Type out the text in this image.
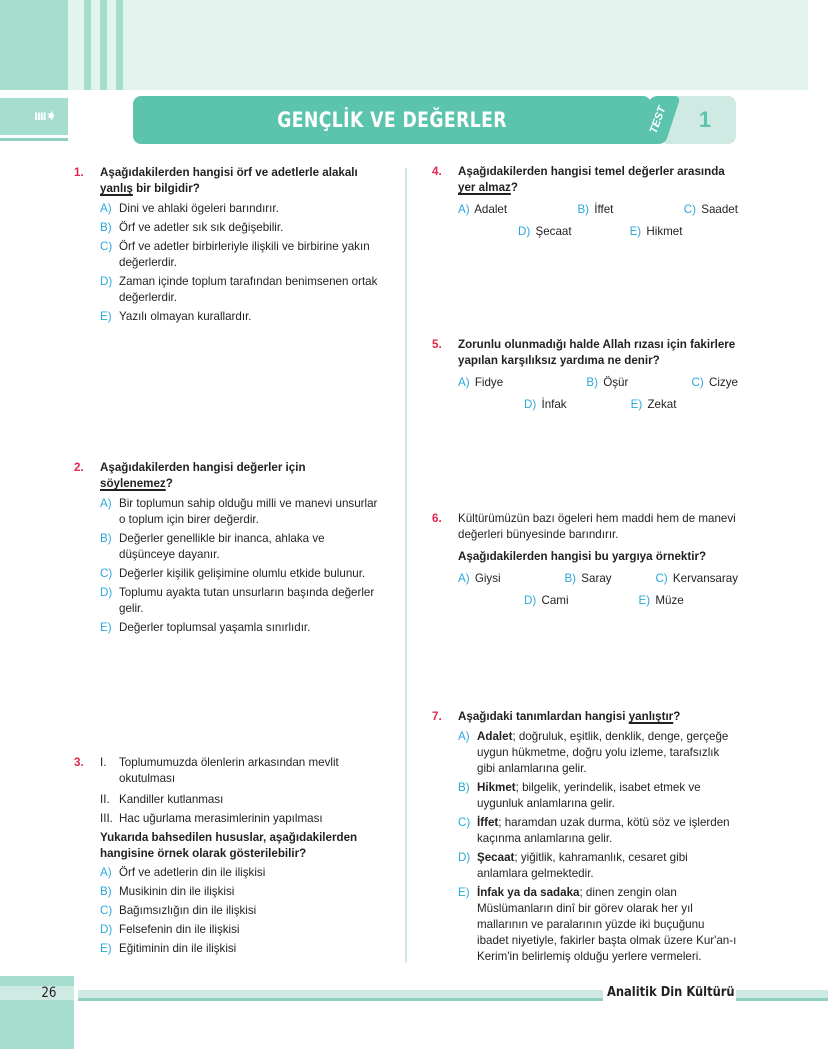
ıııı➧	GENÇLİK VE DEĞERLER	1
TEST
1. Aşağıdakilerden hangisi örf ve adetlerle alakalı yanlış bir bilgidir?
A) Dini ve ahlaki ögeleri barındırır.
B) Örf ve adetler sık sık değişebilir.
C) Örf ve adetler birbirleriyle ilişkili ve birbirine yakın değerlerdir.
D) Zaman içinde toplum tarafından benimsenen ortak değerlerdir.
E) Yazılı olmayan kurallardır.
2. Aşağıdakilerden hangisi değerler için söylenemez?
A) Bir toplumun sahip olduğu milli ve manevi unsurlar o toplum için birer değerdir.
B) Değerler genellikle bir inanca, ahlaka ve düşünceye dayanır.
C) Değerler kişilik gelişimine olumlu etkide bulunur.
D) Toplumu ayakta tutan unsurların başında değerler gelir.
E) Değerler toplumsal yaşamla sınırlıdır.
3. I.	Toplumumuzda ölenlerin arkasından mevlit okutulması
II. Kandiller kutlanması
III. Hac uğurlama merasimlerinin yapılması
Yukarıda bahsedilen hususlar, aşağıdakilerden hangisine örnek olarak gösterilebilir?
A) Örf ve adetlerin din ile ilişkisi
B) Musikinin din ile ilişkisi
C) Bağımsızlığın din ile ilişkisi
D) Felsefenin din ile ilişkisi
E) Eğitiminin din ile ilişkisi
4. Aşağıdakilerden hangisi temel değerler arasında yer almaz?
A) Adalet	B) İffet	C) Saadet
D) Şecaat	E) Hikmet
5. Zorunlu olunmadığı halde Allah rızası için fakirlere yapılan karşılıksız yardıma ne denir?
A) Fidye	B) Öşür	C) Cizye
D) İnfak	E) Zekat
6. Kültürümüzün bazı ögeleri hem maddi hem de manevi değerleri bünyesinde barındırır.
Aşağıdakilerden hangisi bu yargıya örnektir?
A) Giysi	B) Saray	C) Kervansaray
D) Cami	E) Müze
7. Aşağıdaki tanımlardan hangisi yanlıştır?
A) Adalet; doğruluk, eşitlik, denklik, denge, gerçeğe uygun hükmetme, doğru yolu izleme, tarafsızlık gibi anlamlarına gelir.
B) Hikmet; bilgelik, yerindelik, isabet etmek ve uygunluk anlamlarına gelir.
C) İffet; haramdan uzak durma, kötü söz ve işlerden kaçınma anlamlarına gelir.
D) Şecaat; yiğitlik, kahramanlık, cesaret gibi anlamlara gelmektedir.
E) İnfak ya da sadaka; dinen zengin olan Müslümanların dinî bir görev olarak her yıl mallarının ve paralarının yüzde iki buçuğunu ibadet niyetiyle, fakirler başta olmak üzere Kur'an-ı Kerim'in belirlemiş olduğu yerlere vermeleri.
26	Analitik Din Kültürü
